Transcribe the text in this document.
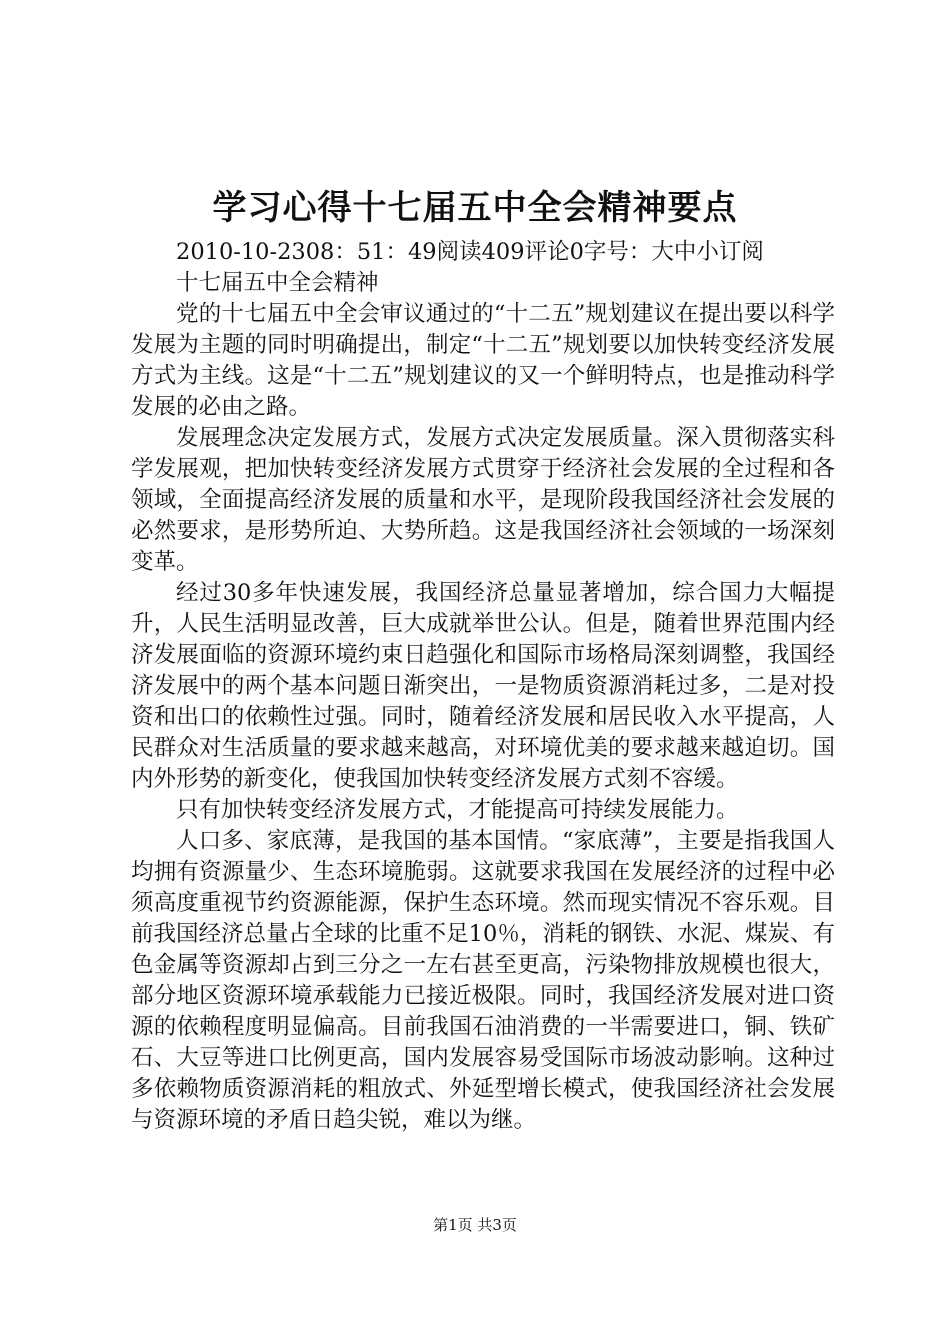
学习心得十七届五中全会精神要点

2010-10-2308：51：49阅读409评论0字号：大中小订阅

十七届五中全会精神

党的十七届五中全会审议通过的“十二五”规划建议在提出要以科学发展为主题的同时明确提出，制定“十二五”规划要以加快转变经济发展方式为主线。这是“十二五”规划建议的又一个鲜明特点，也是推动科学发展的必由之路。

发展理念决定发展方式，发展方式决定发展质量。深入贯彻落实科学发展观，把加快转变经济发展方式贯穿于经济社会发展的全过程和各领域，全面提高经济发展的质量和水平，是现阶段我国经济社会发展的必然要求，是形势所迫、大势所趋。这是我国经济社会领域的一场深刻变革。

经过30多年快速发展，我国经济总量显著增加，综合国力大幅提升，人民生活明显改善，巨大成就举世公认。但是，随着世界范围内经济发展面临的资源环境约束日趋强化和国际市场格局深刻调整，我国经济发展中的两个基本问题日渐突出，一是物质资源消耗过多，二是对投资和出口的依赖性过强。同时，随着经济发展和居民收入水平提高，人民群众对生活质量的要求越来越高，对环境优美的要求越来越迫切。国内外形势的新变化，使我国加快转变经济发展方式刻不容缓。

只有加快转变经济发展方式，才能提高可持续发展能力。

人口多、家底薄，是我国的基本国情。“家底薄”，主要是指我国人均拥有资源量少、生态环境脆弱。这就要求我国在发展经济的过程中必须高度重视节约资源能源，保护生态环境。然而现实情况不容乐观。目前我国经济总量占全球的比重不足10％，消耗的钢铁、水泥、煤炭、有色金属等资源却占到三分之一左右甚至更高，污染物排放规模也很大，部分地区资源环境承载能力已接近极限。同时，我国经济发展对进口资源的依赖程度明显偏高。目前我国石油消费的一半需要进口，铜、铁矿石、大豆等进口比例更高，国内发展容易受国际市场波动影响。这种过多依赖物质资源消耗的粗放式、外延型增长模式，使我国经济社会发展与资源环境的矛盾日趋尖锐，难以为继。

第1页 共3页
